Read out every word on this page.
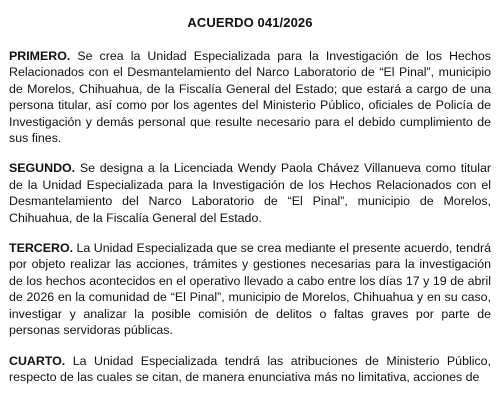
ACUERDO 041/2026

PRIMERO. Se crea la Unidad Especializada para la Investigación de los Hechos Relacionados con el Desmantelamiento del Narco Laboratorio de “El Pinal”, municipio de Morelos, Chihuahua, de la Fiscalía General del Estado; que estará a cargo de una persona titular, así como por los agentes del Ministerio Público, oficiales de Policía de Investigación y demás personal que resulte necesario para el debido cumplimiento de sus fines.

SEGUNDO. Se designa a la Licenciada Wendy Paola Chávez Villanueva como titular de la Unidad Especializada para la Investigación de los Hechos Relacionados con el Desmantelamiento del Narco Laboratorio de “El Pinal”, municipio de Morelos, Chihuahua, de la Fiscalía General del Estado.

TERCERO. La Unidad Especializada que se crea mediante el presente acuerdo, tendrá por objeto realizar las acciones, trámites y gestiones necesarias para la investigación de los hechos acontecidos en el operativo llevado a cabo entre los días 17 y 19 de abril de 2026 en la comunidad de “El Pinal”, municipio de Morelos, Chihuahua y en su caso, investigar y analizar la posible comisión de delitos o faltas graves por parte de personas servidoras públicas.

CUARTO. La Unidad Especializada tendrá las atribuciones de Ministerio Público, respecto de las cuales se citan, de manera enunciativa más no limitativa, acciones de
